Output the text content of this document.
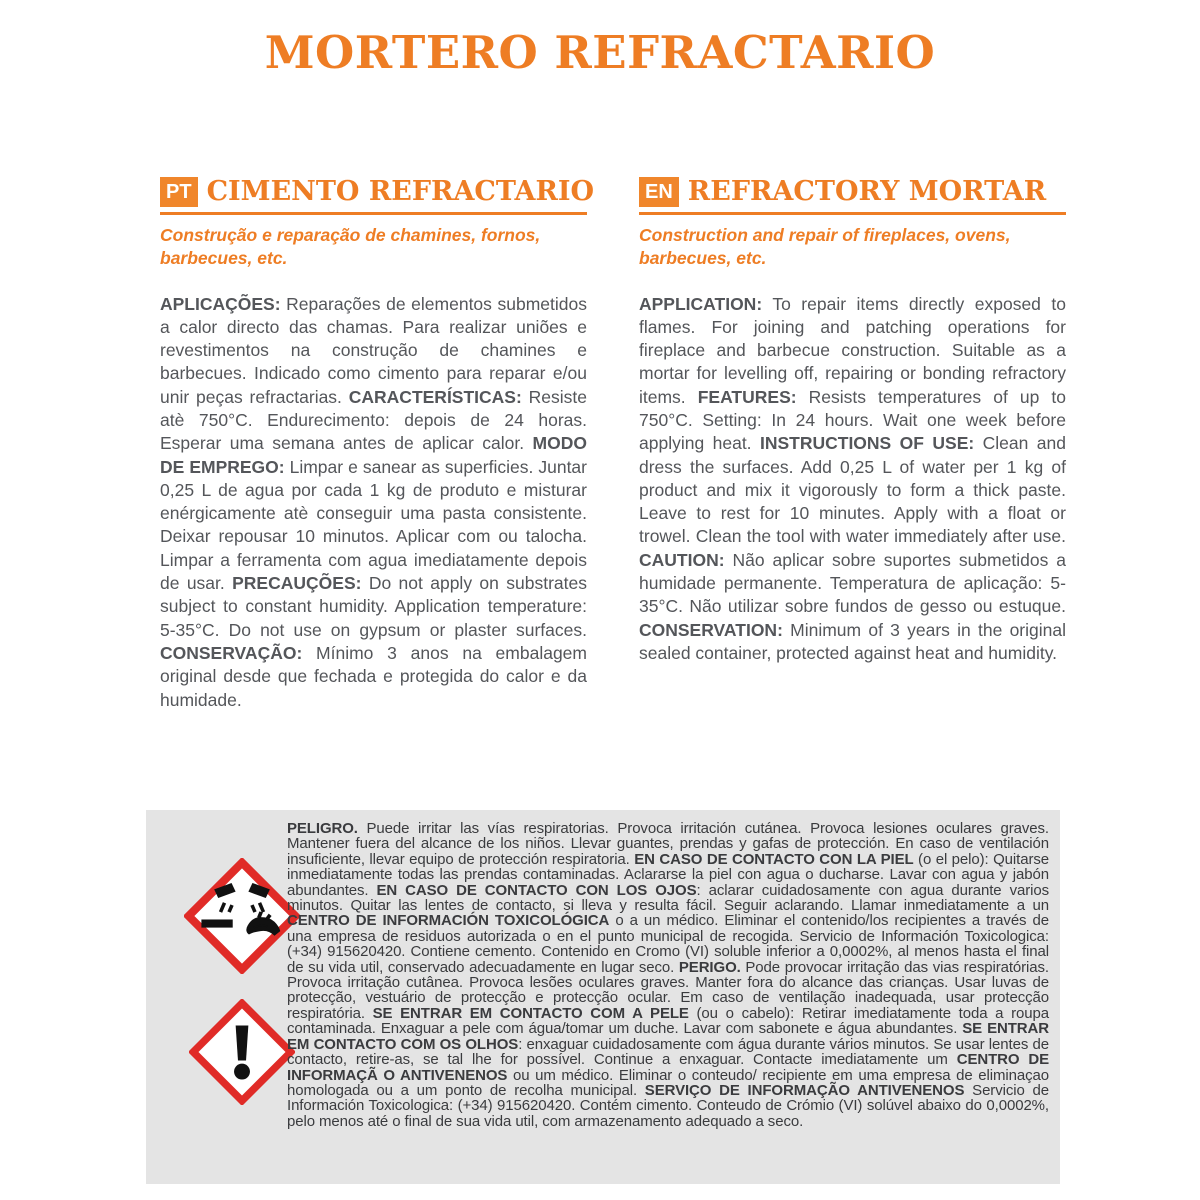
MORTERO REFRACTARIO
PT CIMENTO REFRACTARIO

Construção e reparação de chamines, fornos, barbecues, etc.

APLICAÇÕES: Reparações de elementos submetidos a calor directo das chamas. Para realizar uniões e revestimentos na construção de chamines e barbecues. Indicado como cimento para reparar e/ou unir peças refractarias. CARACTERÍSTICAS: Resiste atè 750°C. Endurecimento: depois de 24 horas. Esperar uma semana antes de aplicar calor. MODO DE EMPREGO: Limpar e sanear as superficies. Juntar 0,25 L de agua por cada 1 kg de produto e misturar enérgicamente atè conseguir uma pasta consistente. Deixar repousar 10 minutos. Aplicar com ou talocha. Limpar a ferramenta com agua imediatamente depois de usar. PRECAUÇÕES: Do not apply on substrates subject to constant humidity. Application temperature: 5-35°C. Do not use on gypsum or plaster surfaces. CONSERVAÇÃO: Mínimo 3 anos na embalagem original desde que fechada e protegida do calor e da humidade.

EN REFRACTORY MORTAR

Construction and repair of fireplaces, ovens, barbecues, etc.

APPLICATION: To repair items directly exposed to flames. For joining and patching operations for fireplace and barbecue construction. Suitable as a mortar for levelling off, repairing or bonding refractory items. FEATURES: Resists temperatures of up to 750°C. Setting: In 24 hours. Wait one week before applying heat. INSTRUCTIONS OF USE: Clean and dress the surfaces. Add 0,25 L of water per 1 kg of product and mix it vigorously to form a thick paste. Leave to rest for 10 minutes. Apply with a float or trowel. Clean the tool with water immediately after use. CAUTION: Não aplicar sobre suportes submetidos a humidade permanente. Temperatura de aplicação: 5-35°C. Não utilizar sobre fundos de gesso ou estuque. CONSERVATION: Minimum of 3 years in the original sealed container, protected against heat and humidity.

PELIGRO. Puede irritar las vías respiratorias. Provoca irritación cutánea. Provoca lesiones oculares graves. Mantener fuera del alcance de los niños. Llevar guantes, prendas y gafas de protección. En caso de ventilación insuficiente, llevar equipo de protección respiratoria. EN CASO DE CONTACTO CON LA PIEL (o el pelo): Quitarse inmediatamente todas las prendas contaminadas. Aclararse la piel con agua o ducharse. Lavar con agua y jabón abundantes. EN CASO DE CONTACTO CON LOS OJOS: aclarar cuidadosamente con agua durante varios minutos. Quitar las lentes de contacto, si lleva y resulta fácil. Seguir aclarando. Llamar inmediatamente a un CENTRO DE INFORMACIÓN TOXICOLÓGICA o a un médico. Eliminar el contenido/los recipientes a través de una empresa de residuos autorizada o en el punto municipal de recogida. Servicio de Información Toxicologica: (+34) 915620420. Contiene cemento. Contenido en Cromo (VI) soluble inferior a 0,0002%, al menos hasta el final de su vida util, conservado adecuadamente en lugar seco. PERIGO. Pode provocar irritação das vias respiratórias. Provoca irritação cutânea. Provoca lesões oculares graves. Manter fora do alcance das crianças. Usar luvas de protecção, vestuário de protecção e protecção ocular. Em caso de ventilação inadequada, usar protecção respiratória. SE ENTRAR EM CONTACTO COM A PELE (ou o cabelo): Retirar imediatamente toda a roupa contaminada. Enxaguar a pele com água/tomar um duche. Lavar com sabonete e água abundantes. SE ENTRAR EM CONTACTO COM OS OLHOS: enxaguar cuidadosamente com água durante vários minutos. Se usar lentes de contacto, retire-as, se tal lhe for possível. Continue a enxaguar. Contacte imediatamente um CENTRO DE INFORMAÇÃ O ANTIVENENOS ou um médico. Eliminar o conteudo/ recipiente em uma empresa de eliminaçao homologada ou a um ponto de recolha municipal. SERVIÇO DE INFORMAÇÃO ANTIVENENOS Servicio de Información Toxicologica: (+34) 915620420. Contém cimento. Conteudo de Crómio (VI) solúvel abaixo do 0,0002%, pelo menos até o final de sua vida util, com armazenamento adequado a seco.
